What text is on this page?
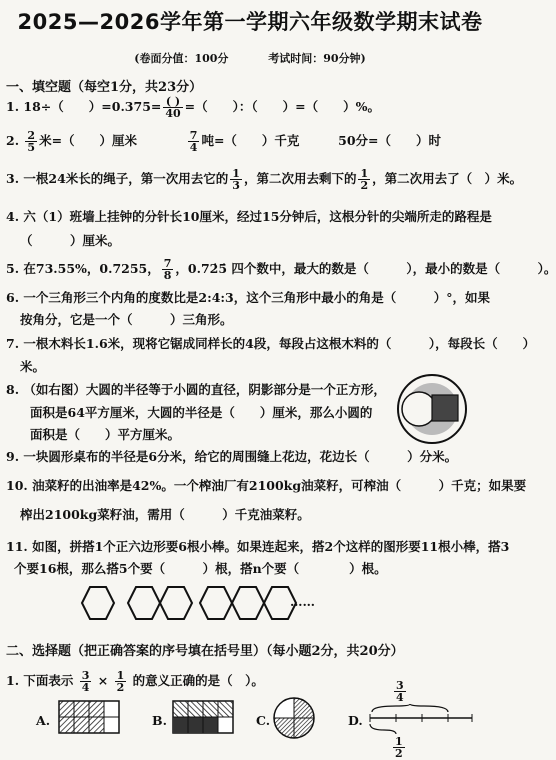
2025—2026学年第一学期六年级数学期末试卷
(卷面分值：100分	考试时间：90分钟)
一、填空题（每空1分，共23分）
1. 18÷（　　）$=0.375= \frac{( )}{40}$ =（　　）：（　　）=（　　）%。
2. $\frac{2}{5}$ 米=（　　）厘米	$\frac{7}{4}$ 吨=（　　）千克	50分=（　　）时
3. 一根24米长的绳子，第一次用去它的 $\frac{1}{3}$ ，第二次用去剩下的 $\frac{1}{2}$ ，第二次用去了（　）米。
4. 六（1）班墙上挂钟的分针长10厘米，经过15分钟后，这根分针的尖端所走的路程是
（　　　）厘米。
5. 在73.55%，0.7255， $\frac{7}{8}$ ，0.72̇5̇ 四个数中，最大的数是（　　　），最小的数是（　　　）。
6. 一个三角形三个内角的度数比是2:4:3，这个三角形中最小的角是（　　　）°，如果
按角分，它是一个（　　　）三角形。
7. 一根木料长1.6米，现将它锯成同样长的4段，每段占这根木料的（　　　），每段长（　　）
米。
8. （如右图）大圆的半径等于小圆的直径，阴影部分是一个正方形，
面积是64平方厘米，大圆的半径是（　　）厘米，那么小圆的
面积是（　　）平方厘米。
9. 一块圆形桌布的半径是6分米，给它的周围缝上花边，花边长（　　　）分米。
10. 油菜籽的出油率是42%。一个榨油厂有2100kg油菜籽，可榨油（　　　）千克；如果要
榨出2100kg菜籽油，需用（　　　）千克油菜籽。
11. 如图，拼搭1个正六边形要6根小棒。如果连起来，搭2个这样的图形要11根小棒，搭3
个要16根，那么搭5个要（　　　）根，搭n个要（　　　　）根。
……
二、选择题（把正确答案的序号填在括号里）（每小题2分，共20分）
1. 下面表示 $\frac{3}{4} \times \frac{1}{2}$ 的意义正确的是（　）。
A.	B.	C.	D.
$\frac{3}{4}$
$\frac{1}{2}$
